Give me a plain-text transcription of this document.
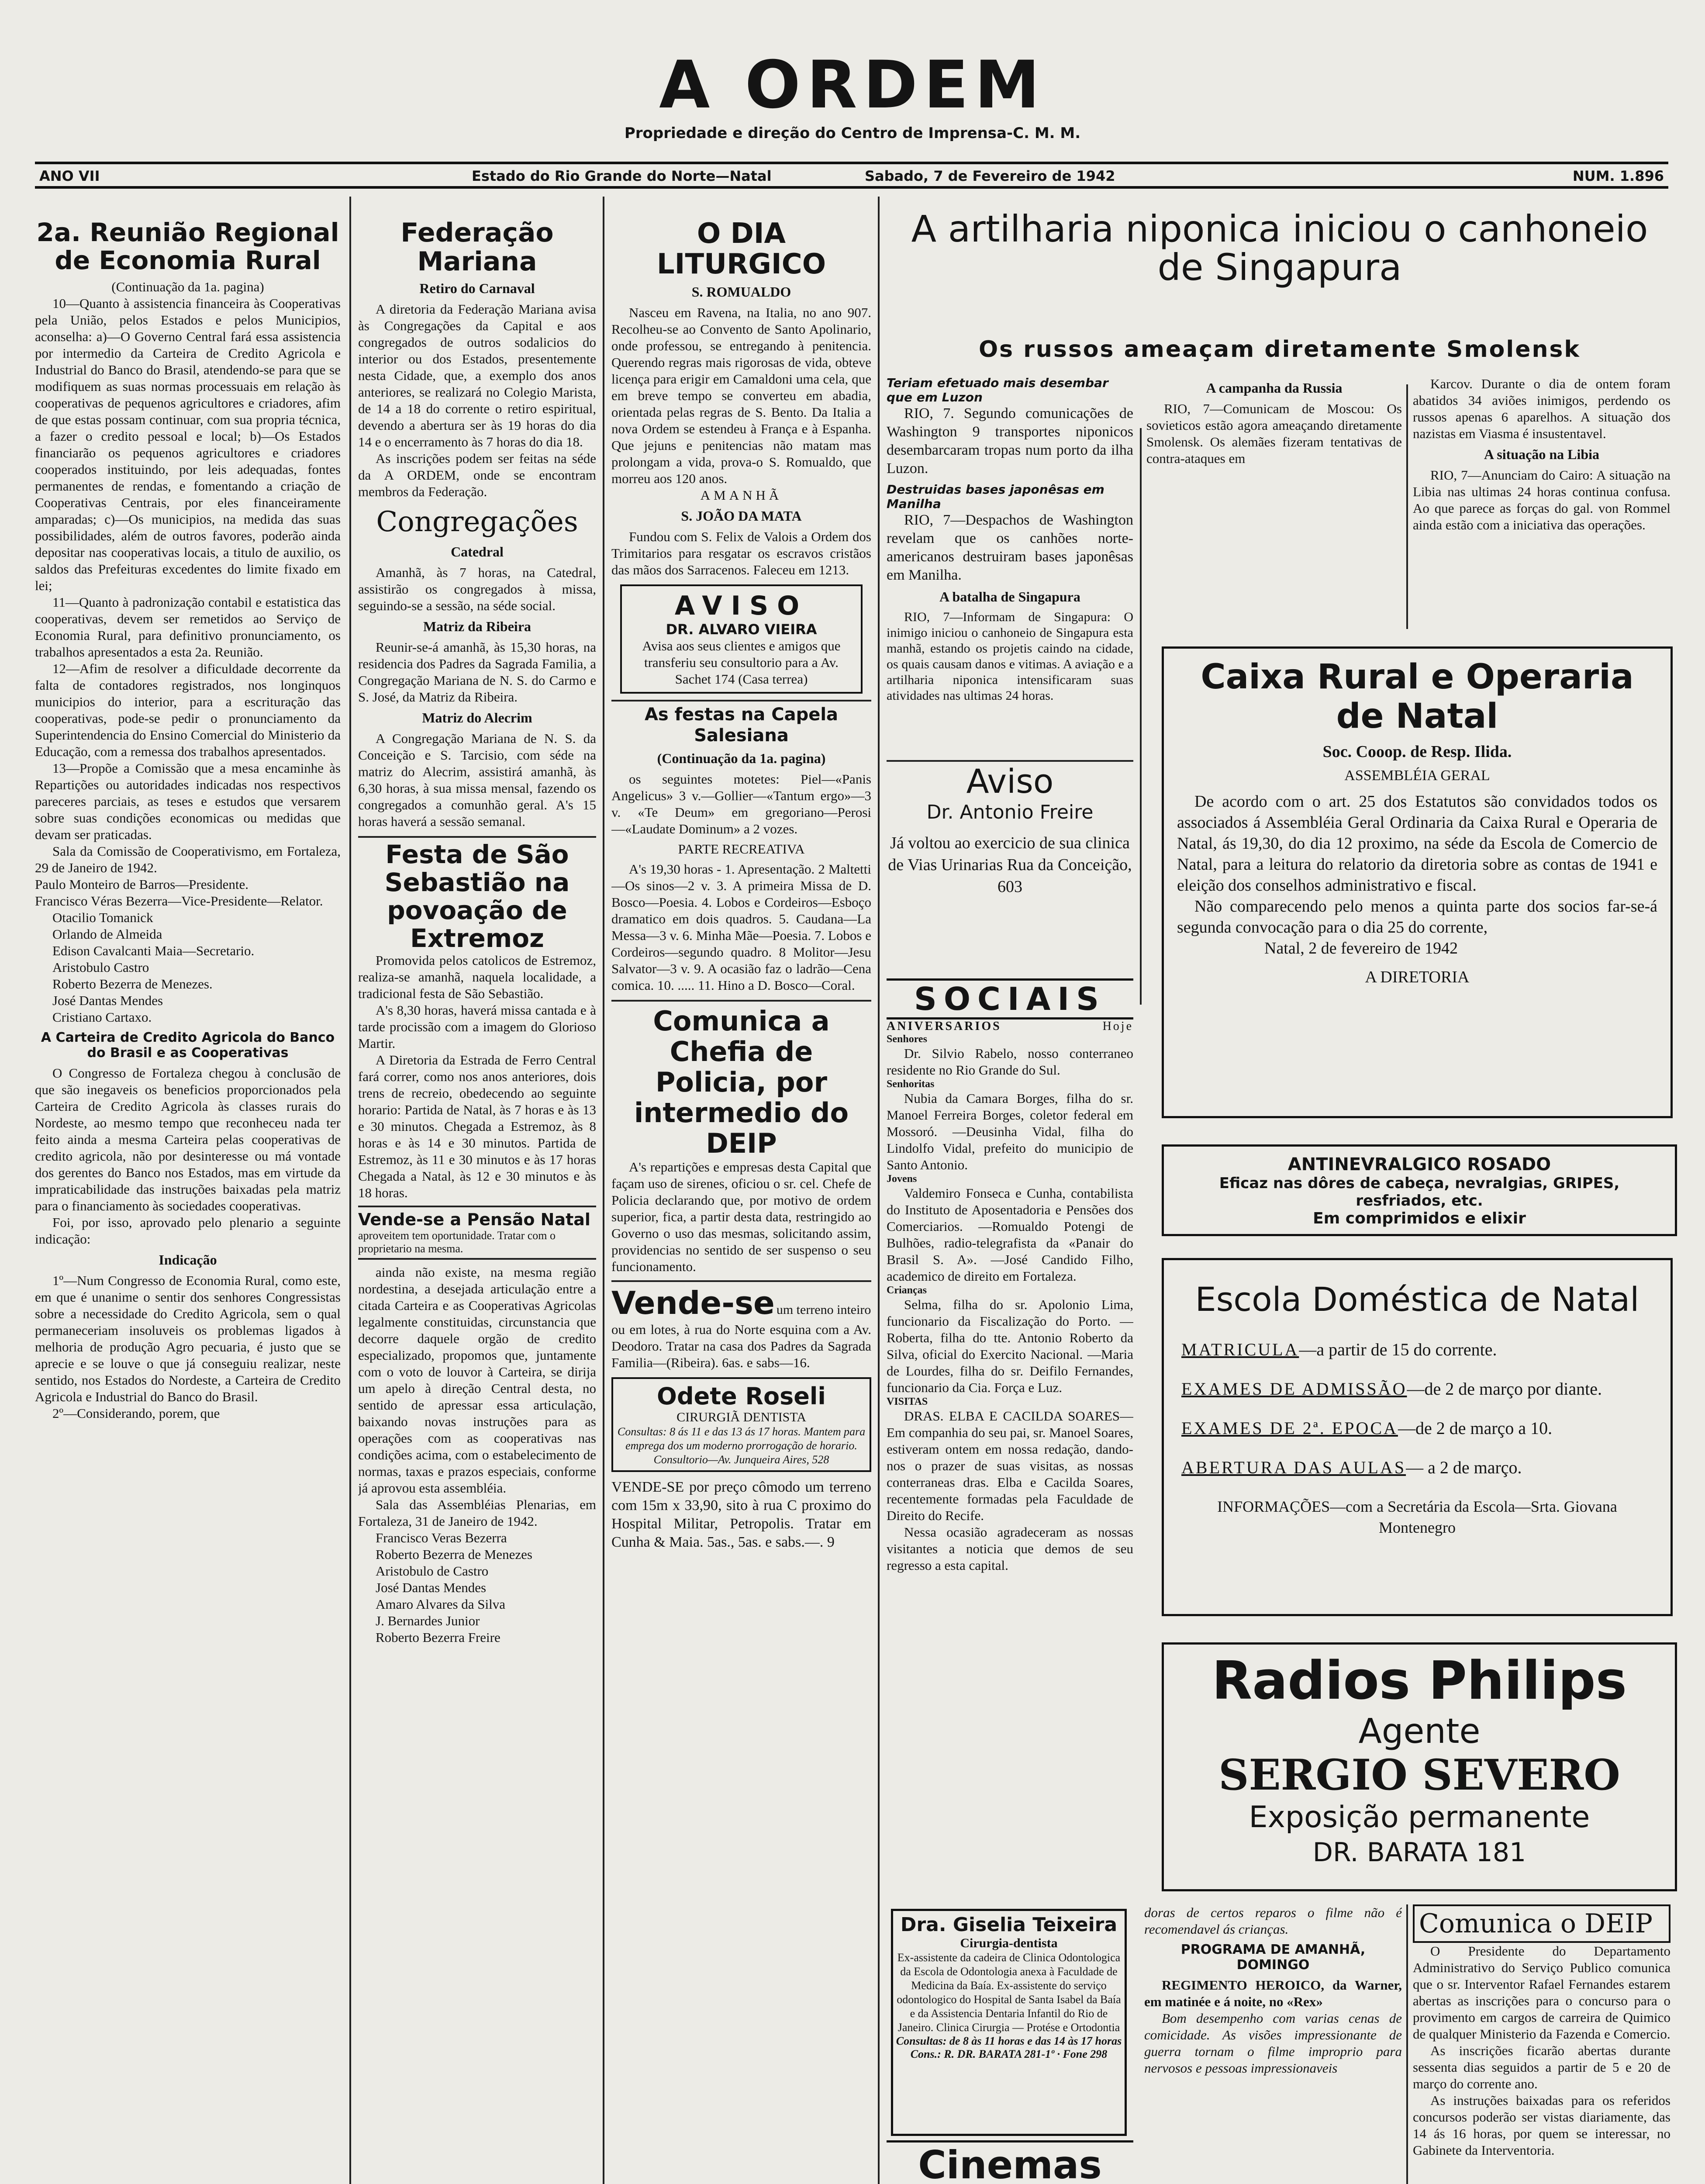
A ORDEM
Propriedade e direção do Centro de Imprensa-C. M. M.
ANO VII	Estado do Rio Grande do Norte—Natal	Sabado, 7 de Fevereiro de 1942	NUM. 1.896
2a. Reunião Regional de Economia Rural
(Continuação da 1a. pagina)

10—Quanto à assistencia financeira às Cooperativas pela União, pelos Estados e pelos Municipios, aconselha: a)—O Governo Central fará essa assistencia por intermedio da Carteira de Credito Agricola e Industrial do Banco do Brasil, atendendo-se para que se modifiquem as suas normas processuais em relação às cooperativas de pequenos agricultores e criadores, afim de que estas possam continuar, com sua propria técnica, a fazer o credito pessoal e local; b)—Os Estados financiarão os pequenos agricultores e criadores cooperados instituindo, por leis adequadas, fontes permanentes de rendas, e fomentando a criação de Cooperativas Centrais, por eles financeiramente amparadas; c)—Os municipios, na medida das suas possibilidades, além de outros favores, poderão ainda depositar nas cooperativas locais, a titulo de auxilio, os saldos das Prefeituras excedentes do limite fixado em lei;

11—Quanto à padronização contabil e estatistica das cooperativas, devem ser remetidos ao Serviço de Economia Rural, para definitivo pronunciamento, os trabalhos apresentados a esta 2a. Reunião.

12—Afim de resolver a dificuldade decorrente da falta de contadores registrados, nos longinquos municipios do interior, para a escrituração das cooperativas, pode-se pedir o pronunciamento da Superintendencia do Ensino Comercial do Ministerio da Educação, com a remessa dos trabalhos apresentados.

13—Propõe a Comissão que a mesa encaminhe às Repartições ou autoridades indicadas nos respectivos pareceres parciais, as teses e estudos que versarem sobre suas condições economicas ou medidas que devam ser praticadas.

Sala da Comissão de Cooperativismo, em Fortaleza, 29 de Janeiro de 1942.

Paulo Monteiro de Barros—Presidente.
Francisco Véras Bezerra—Vice-Presidente—Relator.
Otacilio Tomanick
Orlando de Almeida
Edison Cavalcanti Maia—Secretario.
Aristobulo Castro
Roberto Bezerra de Menezes.
José Dantas Mendes
Cristiano Cartaxo.
A Carteira de Credito Agricola do Banco do Brasil e as Cooperativas

O Congresso de Fortaleza chegou à conclusão de que são inegaveis os beneficios proporcionados pela Carteira de Credito Agricola às classes rurais do Nordeste, ao mesmo tempo que reconheceu nada ter feito ainda a mesma Carteira pelas cooperativas de credito agricola, não por desinteresse ou má vontade dos gerentes do Banco nos Estados, mas em virtude da impraticabilidade das instruções baixadas pela matriz para o financiamento às sociedades cooperativas.

Foi, por isso, aprovado pelo plenario a seguinte indicação:

Indicação

1º—Num Congresso de Economia Rural, como este, em que é unanime o sentir dos senhores Congressistas sobre a necessidade do Credito Agricola, sem o qual permaneceriam insoluveis os problemas ligados à melhoria de produção Agro pecuaria, é justo que se aprecie e se louve o que já conseguiu realizar, neste sentido, nos Estados do Nordeste, a Carteira de Credito Agricola e Industrial do Banco do Brasil.

2º—Considerando, porem, que

Federação Mariana
Retiro do Carnaval

A diretoria da Federação Mariana avisa às Congregações da Capital e aos congregados de outros sodalicios do interior ou dos Estados, presentemente nesta Cidade, que, a exemplo dos anos anteriores, se realizará no Colegio Marista, de 14 a 18 do corrente o retiro espiritual, devendo a abertura ser às 19 horas do dia 14 e o encerramento às 7 horas do dia 18.

As inscrições podem ser feitas na séde da A ORDEM, onde se encontram membros da Federação.

Congregações
Catedral

Amanhã, às 7 horas, na Catedral, assistirão os congregados à missa, seguindo-se a sessão, na séde social.

Matriz da Ribeira

Reunir-se-á amanhã, às 15,30 horas, na residencia dos Padres da Sagrada Familia, a Congregação Mariana de N. S. do Carmo e S. José, da Matriz da Ribeira.

Matriz do Alecrim

A Congregação Mariana de N. S. da Conceição e S. Tarcisio, com séde na matriz do Alecrim, assistirá amanhã, às 6,30 horas, à sua missa mensal, fazendo os congregados a comunhão geral. A's 15 horas haverá a sessão semanal.

Festa de São Sebastião na povoação de Extremoz

Promovida pelos catolicos de Estremoz, realiza-se amanhã, naquela localidade, a tradicional festa de São Sebastião.

A's 8,30 horas, haverá missa cantada e à tarde procissão com a imagem do Glorioso Martir.

A Diretoria da Estrada de Ferro Central fará correr, como nos anos anteriores, dois trens de recreio, obedecendo ao seguinte horario: Partida de Natal, às 7 horas e às 13 e 30 minutos. Chegada a Estremoz, às 8 horas e às 14 e 30 minutos. Partida de Estremoz, às 11 e 30 minutos e às 17 horas Chegada a Natal, às 12 e 30 minutos e às 18 horas.

Vende-se a Pensão Natal aproveitem tem oportunidade. Tratar com o proprietario na mesma.

ainda não existe, na mesma região nordestina, a desejada articulação entre a citada Carteira e as Cooperativas Agricolas legalmente constituidas, circunstancia que decorre daquele orgão de credito especializado, propomos que, juntamente com o voto de louvor à Carteira, se dirija um apelo à direção Central desta, no sentido de apressar essa articulação, baixando novas instruções para as operações com as cooperativas nas condições acima, com o estabelecimento de normas, taxas e prazos especiais, conforme já aprovou esta assembléia.

Sala das Assembléias Plenarias, em Fortaleza, 31 de Janeiro de 1942.

Francisco Veras Bezerra
Roberto Bezerra de Menezes
Aristobulo de Castro
José Dantas Mendes
Amaro Alvares da Silva
J. Bernardes Junior
Roberto Bezerra Freire
O DIA LITURGICO
S. ROMUALDO

Nasceu em Ravena, na Italia, no ano 907. Recolheu-se ao Convento de Santo Apolinario, onde professou, se entregando à penitencia. Querendo regras mais rigorosas de vida, obteve licença para erigir em Camaldoni uma cela, que em breve tempo se converteu em abadia, orientada pelas regras de S. Bento. Da Italia a nova Ordem se estendeu à França e à Espanha. Que jejuns e penitencias não matam mas prolongam a vida, prova-o S. Romualdo, que morreu aos 120 anos.

AMANHÃ
S. JOÃO DA MATA

Fundou com S. Felix de Valois a Ordem dos Trimitarios para resgatar os escravos cristãos das mãos dos Sarracenos. Faleceu em 1213.

AVISO
DR. ALVARO VIEIRA
Avisa aos seus clientes e amigos que transferiu seu consultorio para a Av. Sachet 174 (Casa terrea)
As festas na Capela Salesiana
(Continuação da 1a. pagina)

os seguintes motetes: Piel—«Panis Angelicus» 3 v.—Gollier—«Tantum ergo»—3 v. «Te Deum» em gregoriano—Perosi —«Laudate Dominum» a 2 vozes.

PARTE RECREATIVA

A's 19,30 horas - 1. Apresentação. 2 Maltetti—Os sinos—2 v. 3. A primeira Missa de D. Bosco—Poesia. 4. Lobos e Cordeiros—Esboço dramatico em dois quadros. 5. Caudana—La Messa—3 v. 6. Minha Mãe—Poesia. 7. Lobos e Cordeiros—segundo quadro. 8 Molitor—Jesu Salvator—3 v. 9. A ocasião faz o ladrão—Cena comica. 10. ..... 11. Hino a D. Bosco—Coral.

Comunica a Chefia de Policia, por intermedio do DEIP

A's repartições e empresas desta Capital que façam uso de sirenes, oficiou o sr. cel. Chefe de Policia declarando que, por motivo de ordem superior, fica, a partir desta data, restringido ao Governo o uso das mesmas, solicitando assim, providencias no sentido de ser suspenso o seu funcionamento.

Vende-se um terreno inteiro
ou em lotes, à rua do Norte esquina com a Av. Deodoro. Tratar na casa dos Padres da Sagrada Familia—(Ribeira). 6as. e sabs—16.
Odete Roseli
CIRURGIÃ DENTISTA
Consultas: 8 ás 11 e das 13 ás 17 horas. Mantem para emprega dos um moderno prorrogação de horario. Consultorio—Av. Junqueira Aires, 528
VENDE-SE por preço cômodo um terreno com 15m x 33,90, sito à rua C proximo do Hospital Militar, Petropolis. Tratar em Cunha & Maia. 5as., 5as. e sabs.—. 9
A artilharia niponica iniciou o canhoneio de Singapura
Os russos ameaçam diretamente Smolensk
Teriam efetuado mais desembar que em Luzon

RIO, 7. Segundo comunicações de Washington 9 transportes niponicos desembarcaram tropas num porto da ilha Luzon.

Destruidas bases japonêsas em Manilha

RIO, 7—Despachos de Washington revelam que os canhões norte-americanos destruiram bases japonêsas em Manilha.

A batalha de Singapura

RIO, 7—Informam de Singapura: O inimigo iniciou o canhoneio de Singapura esta manhã, estando os projetis caindo na cidade, os quais causam danos e vitimas. A aviação e a artilharia niponica intensificaram suas atividades nas ultimas 24 horas.

A campanha da Russia

RIO, 7—Comunicam de Moscou: Os sovieticos estão agora ameaçando diretamente Smolensk. Os alemães fizeram tentativas de contra-ataques em

Karcov. Durante o dia de ontem foram abatidos 34 aviões inimigos, perdendo os russos apenas 6 aparelhos. A situação dos nazistas em Viasma é insustentavel.

A situação na Libia

RIO, 7—Anunciam do Cairo: A situação na Libia nas ultimas 24 horas continua confusa. Ao que parece as forças do gal. von Rommel ainda estão com a iniciativa das operações.

Aviso
Dr. Antonio Freire
Já voltou ao exercicio de sua clinica de Vias Urinarias Rua da Conceição, 603
SOCIAIS
ANIVERSARIOS	Hoje
Senhores

Dr. Silvio Rabelo, nosso conterraneo residente no Rio Grande do Sul.

Senhoritas

Nubia da Camara Borges, filha do sr. Manoel Ferreira Borges, coletor federal em Mossoró. —Deusinha Vidal, filha do Lindolfo Vidal, prefeito do municipio de Santo Antonio.

Jovens

Valdemiro Fonseca e Cunha, contabilista do Instituto de Aposentadoria e Pensões dos Comerciarios. —Romualdo Potengi de Bulhões, radio-telegrafista da «Panair do Brasil S. A». —José Candido Filho, academico de direito em Fortaleza.

Crianças

Selma, filha do sr. Apolonio Lima, funcionario da Fiscalização do Porto. —Roberta, filha do tte. Antonio Roberto da Silva, oficial do Exercito Nacional. —Maria de Lourdes, filha do sr. Deifilo Fernandes, funcionario da Cia. Força e Luz.

VISITAS

DRAS. ELBA E CACILDA SOARES—Em companhia do seu pai, sr. Manoel Soares, estiveram ontem em nossa redação, dando-nos o prazer de suas visitas, as nossas conterraneas dras. Elba e Cacilda Soares, recentemente formadas pela Faculdade de Direito do Recife.

Nessa ocasião agradeceram as nossas visitantes a noticia que demos de seu regresso a esta capital.

Dra. Giselia Teixeira
Cirurgia-dentista
Ex-assistente da cadeira de Clinica Odontologica da Escola de Odontologia anexa à Faculdade de Medicina da Baía. Ex-assistente do serviço odontologico do Hospital de Santa Isabel da Baía e da Assistencia Dentaria Infantil do Rio de Janeiro. Clinica Cirurgia — Protése e Ortodontia
Consultas: de 8 às 11 horas e das 14 às 17 horas
Cons.: R. DR. BARATA 281-1º · Fone 298
Cinemas

Caixa Rural e Operaria de Natal
Soc. Cooop. de Resp. Ilida.
ASSEMBLÉIA GERAL

De acordo com o art. 25 dos Estatutos são convidados todos os associados á Assembléia Geral Ordinaria da Caixa Rural e Operaria de Natal, ás 19,30, do dia 12 proximo, na séde da Escola de Comercio de Natal, para a leitura do relatorio da diretoria sobre as contas de 1941 e eleição dos conselhos administrativo e fiscal.

Não comparecendo pelo menos a quinta parte dos socios far-se-á segunda convocação para o dia 25 do corrente,

Natal, 2 de fevereiro de 1942
A DIRETORIA
ANTINEVRALGICO ROSADO
Eficaz nas dôres de cabeça, nevralgias, GRIPES, resfriados, etc.
Em comprimidos e elixir
Escola Doméstica de Natal
MATRICULA—a partir de 15 do corrente.
EXAMES DE ADMISSÃO—de 2 de março por diante.
EXAMES DE 2ª. EPOCA—de 2 de março a 10.
ABERTURA DAS AULAS— a 2 de março.
INFORMAÇÕES—com a Secretária da Escola—Srta. Giovana Montenegro
Radios Philips
Agente
SERGIO SEVERO
Exposição permanente
DR. BARATA 181
doras de certos reparos o filme não é recomendavel ás crianças.
PROGRAMA DE AMANHÃ, DOMINGO

REGIMENTO HEROICO, da Warner, em matinée e á noite, no «Rex»

Bom desempenho com varias cenas de comicidade. As visões impressionante de guerra tornam o filme improprio para nervosos e pessoas impressionaveis

Comunica o DEIP

O Presidente do Departamento Administrativo do Serviço Publico comunica que o sr. Interventor Rafael Fernandes estarem abertas as inscrições para o concurso para o provimento em cargos de carreira de Quimico de qualquer Ministerio da Fazenda e Comercio.

As inscrições ficarão abertas durante sessenta dias seguidos a partir de 5 e 20 de março do corrente ano.

As instruções baixadas para os referidos concursos poderão ser vistas diariamente, das 14 ás 16 horas, por quem se interessar, no Gabinete da Interventoria.
